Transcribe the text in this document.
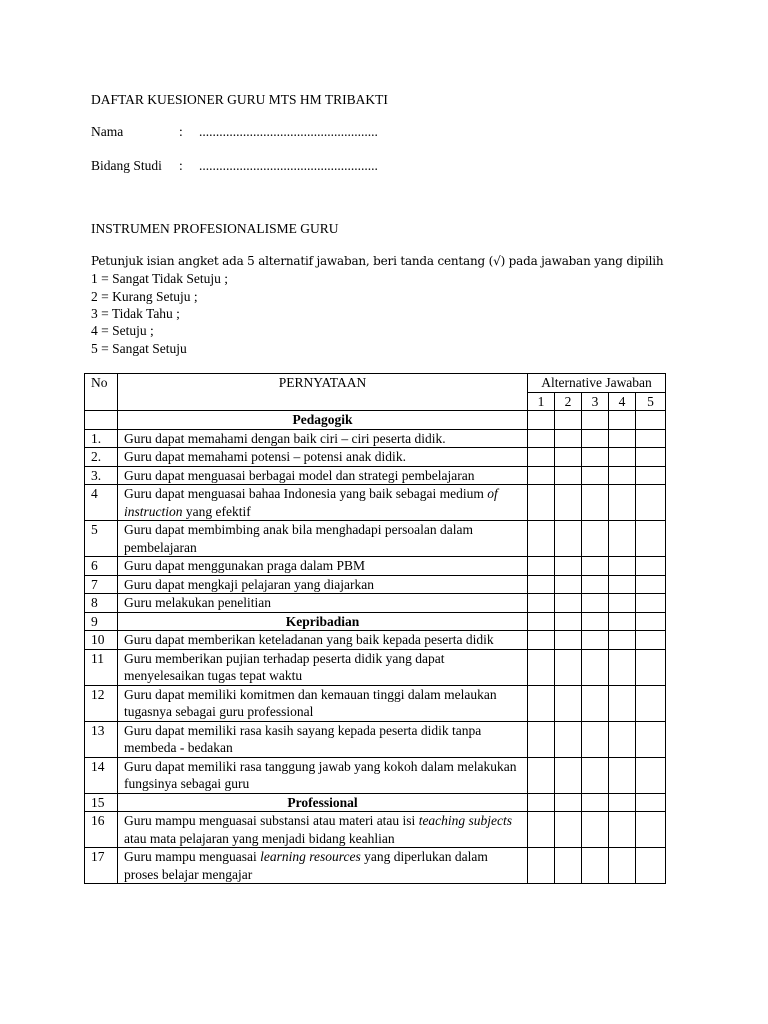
DAFTAR KUESIONER GURU MTS HM TRIBAKTI
Nama	: .....................................................
Bidang Studi : .....................................................
INSTRUMEN PROFESIONALISME GURU
Petunjuk isian angket ada 5 alternatif jawaban, beri tanda centang (√) pada jawaban yang dipilih
1 = Sangat Tidak Setuju ;
2 = Kurang Setuju ;
3 = Tidak Tahu ;
4 = Setuju ;
5 = Sangat Setuju
No	PERNYATAAN	Alternative Jawaban				
		1	2	3	4	5
	Pedagogik					
1.	Guru dapat memahami dengan baik ciri – ciri peserta didik.					
2.	Guru dapat memahami potensi – potensi anak didik.					
3.	Guru dapat menguasai berbagai model dan strategi pembelajaran					
4	Guru dapat menguasai bahaa Indonesia yang baik sebagai medium of instruction yang efektif					
5	Guru dapat membimbing anak bila menghadapi persoalan dalam pembelajaran					
6	Guru dapat menggunakan praga dalam PBM					
7	Guru dapat mengkaji pelajaran yang diajarkan					
8	Guru melakukan penelitian					
9	Kepribadian					
10	Guru dapat memberikan keteladanan yang baik kepada peserta didik					
11	Guru memberikan pujian terhadap peserta didik yang dapat menyelesaikan tugas tepat waktu					
12	Guru dapat memiliki komitmen dan kemauan tinggi dalam melaukan tugasnya sebagai guru professional					
13	Guru dapat memiliki rasa kasih sayang kepada peserta didik tanpa membeda - bedakan					
14	Guru dapat memiliki rasa tanggung jawab yang kokoh dalam melakukan fungsinya sebagai guru					
15	Professional					
16	Guru mampu menguasai substansi atau materi atau isi teaching subjects atau mata pelajaran yang menjadi bidang keahlian					
17	Guru mampu menguasai learning resources yang diperlukan dalam proses belajar mengajar					
